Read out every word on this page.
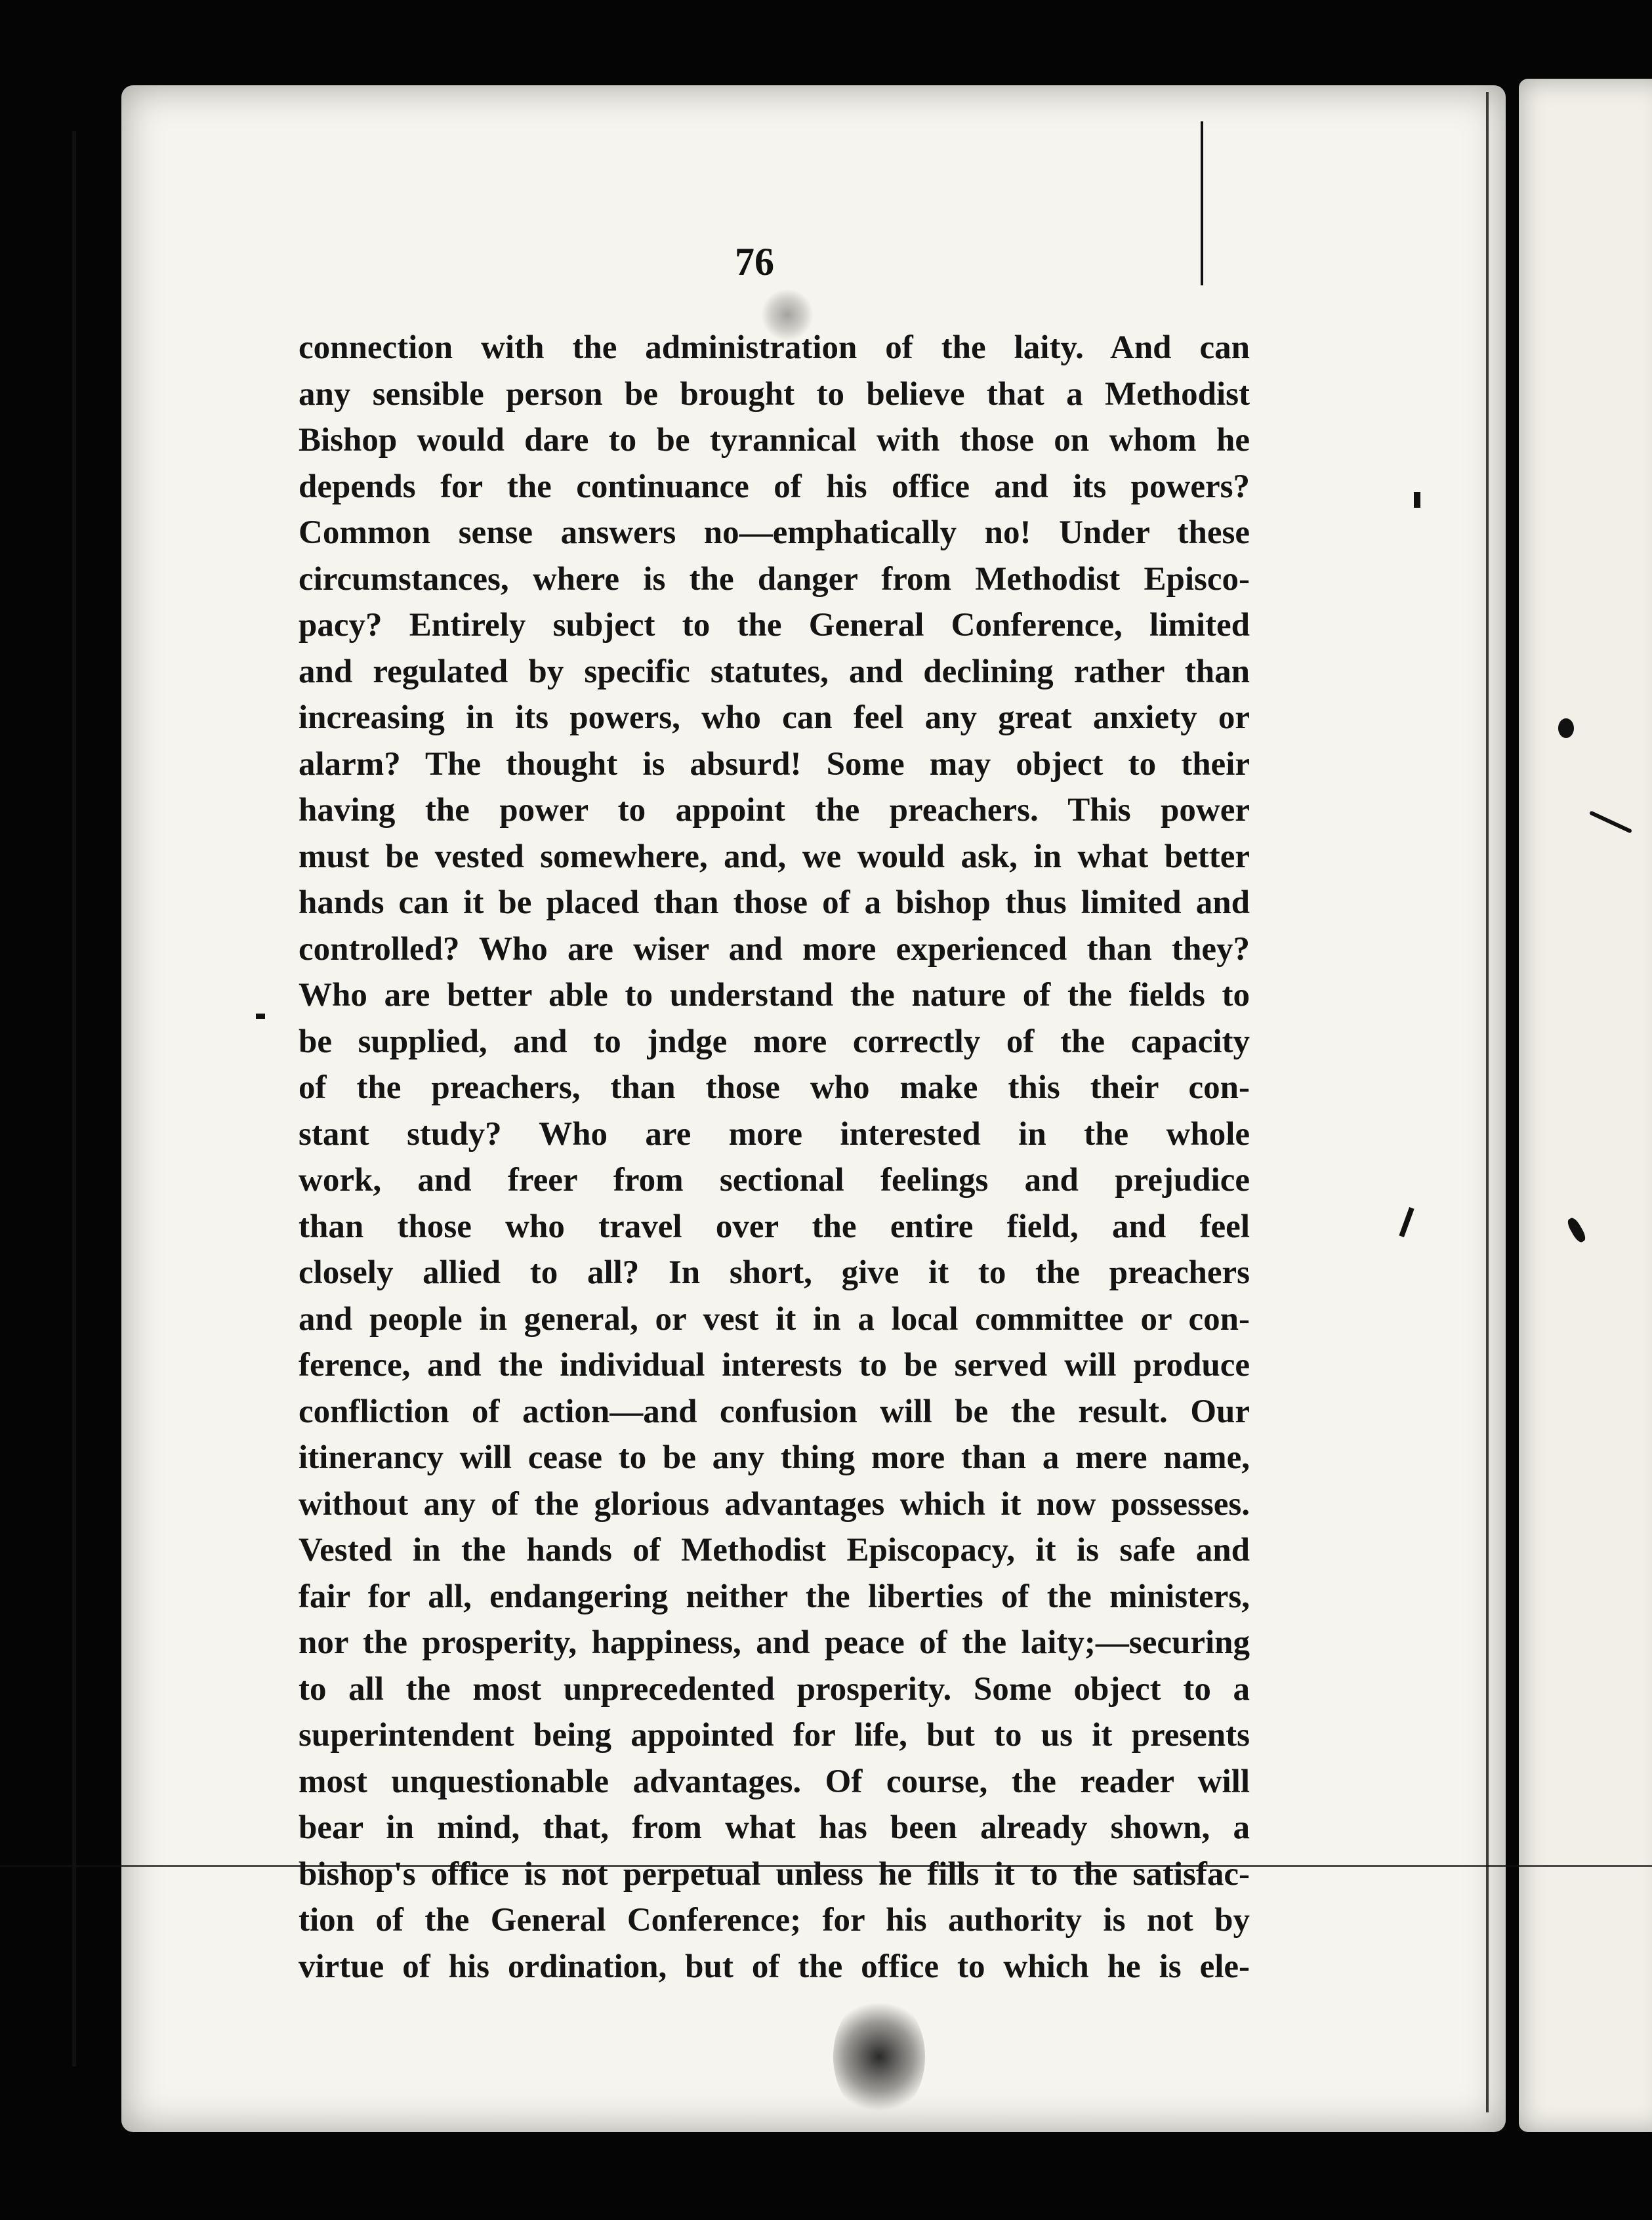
76
connection with the administration of the laity. And can
any sensible person be brought to believe that a Methodist
Bishop would dare to be tyrannical with those on whom he
depends for the continuance of his office and its powers?
Common sense answers no—emphatically no! Under these
circumstances, where is the danger from Methodist Episco-
pacy? Entirely subject to the General Conference, limited
and regulated by specific statutes, and declining rather than
increasing in its powers, who can feel any great anxiety or
alarm? The thought is absurd! Some may object to their
having the power to appoint the preachers. This power
must be vested somewhere, and, we would ask, in what better
hands can it be placed than those of a bishop thus limited and
controlled? Who are wiser and more experienced than they?
Who are better able to understand the nature of the fields to
be supplied, and to jndge more correctly of the capacity
of the preachers, than those who make this their con-
stant study? Who are more interested in the whole
work, and freer from sectional feelings and prejudice
than those who travel over the entire field, and feel
closely allied to all? In short, give it to the preachers
and people in general, or vest it in a local committee or con-
ference, and the individual interests to be served will produce
confliction of action—and confusion will be the result. Our
itinerancy will cease to be any thing more than a mere name,
without any of the glorious advantages which it now possesses.
Vested in the hands of Methodist Episcopacy, it is safe and
fair for all, endangering neither the liberties of the ministers,
nor the prosperity, happiness, and peace of the laity;—securing
to all the most unprecedented prosperity. Some object to a
superintendent being appointed for life, but to us it presents
most unquestionable advantages. Of course, the reader will
bear in mind, that, from what has been already shown, a
bishop's office is not perpetual unless he fills it to the satisfac-
tion of the General Conference; for his authority is not by
virtue of his ordination, but of the office to which he is ele-
